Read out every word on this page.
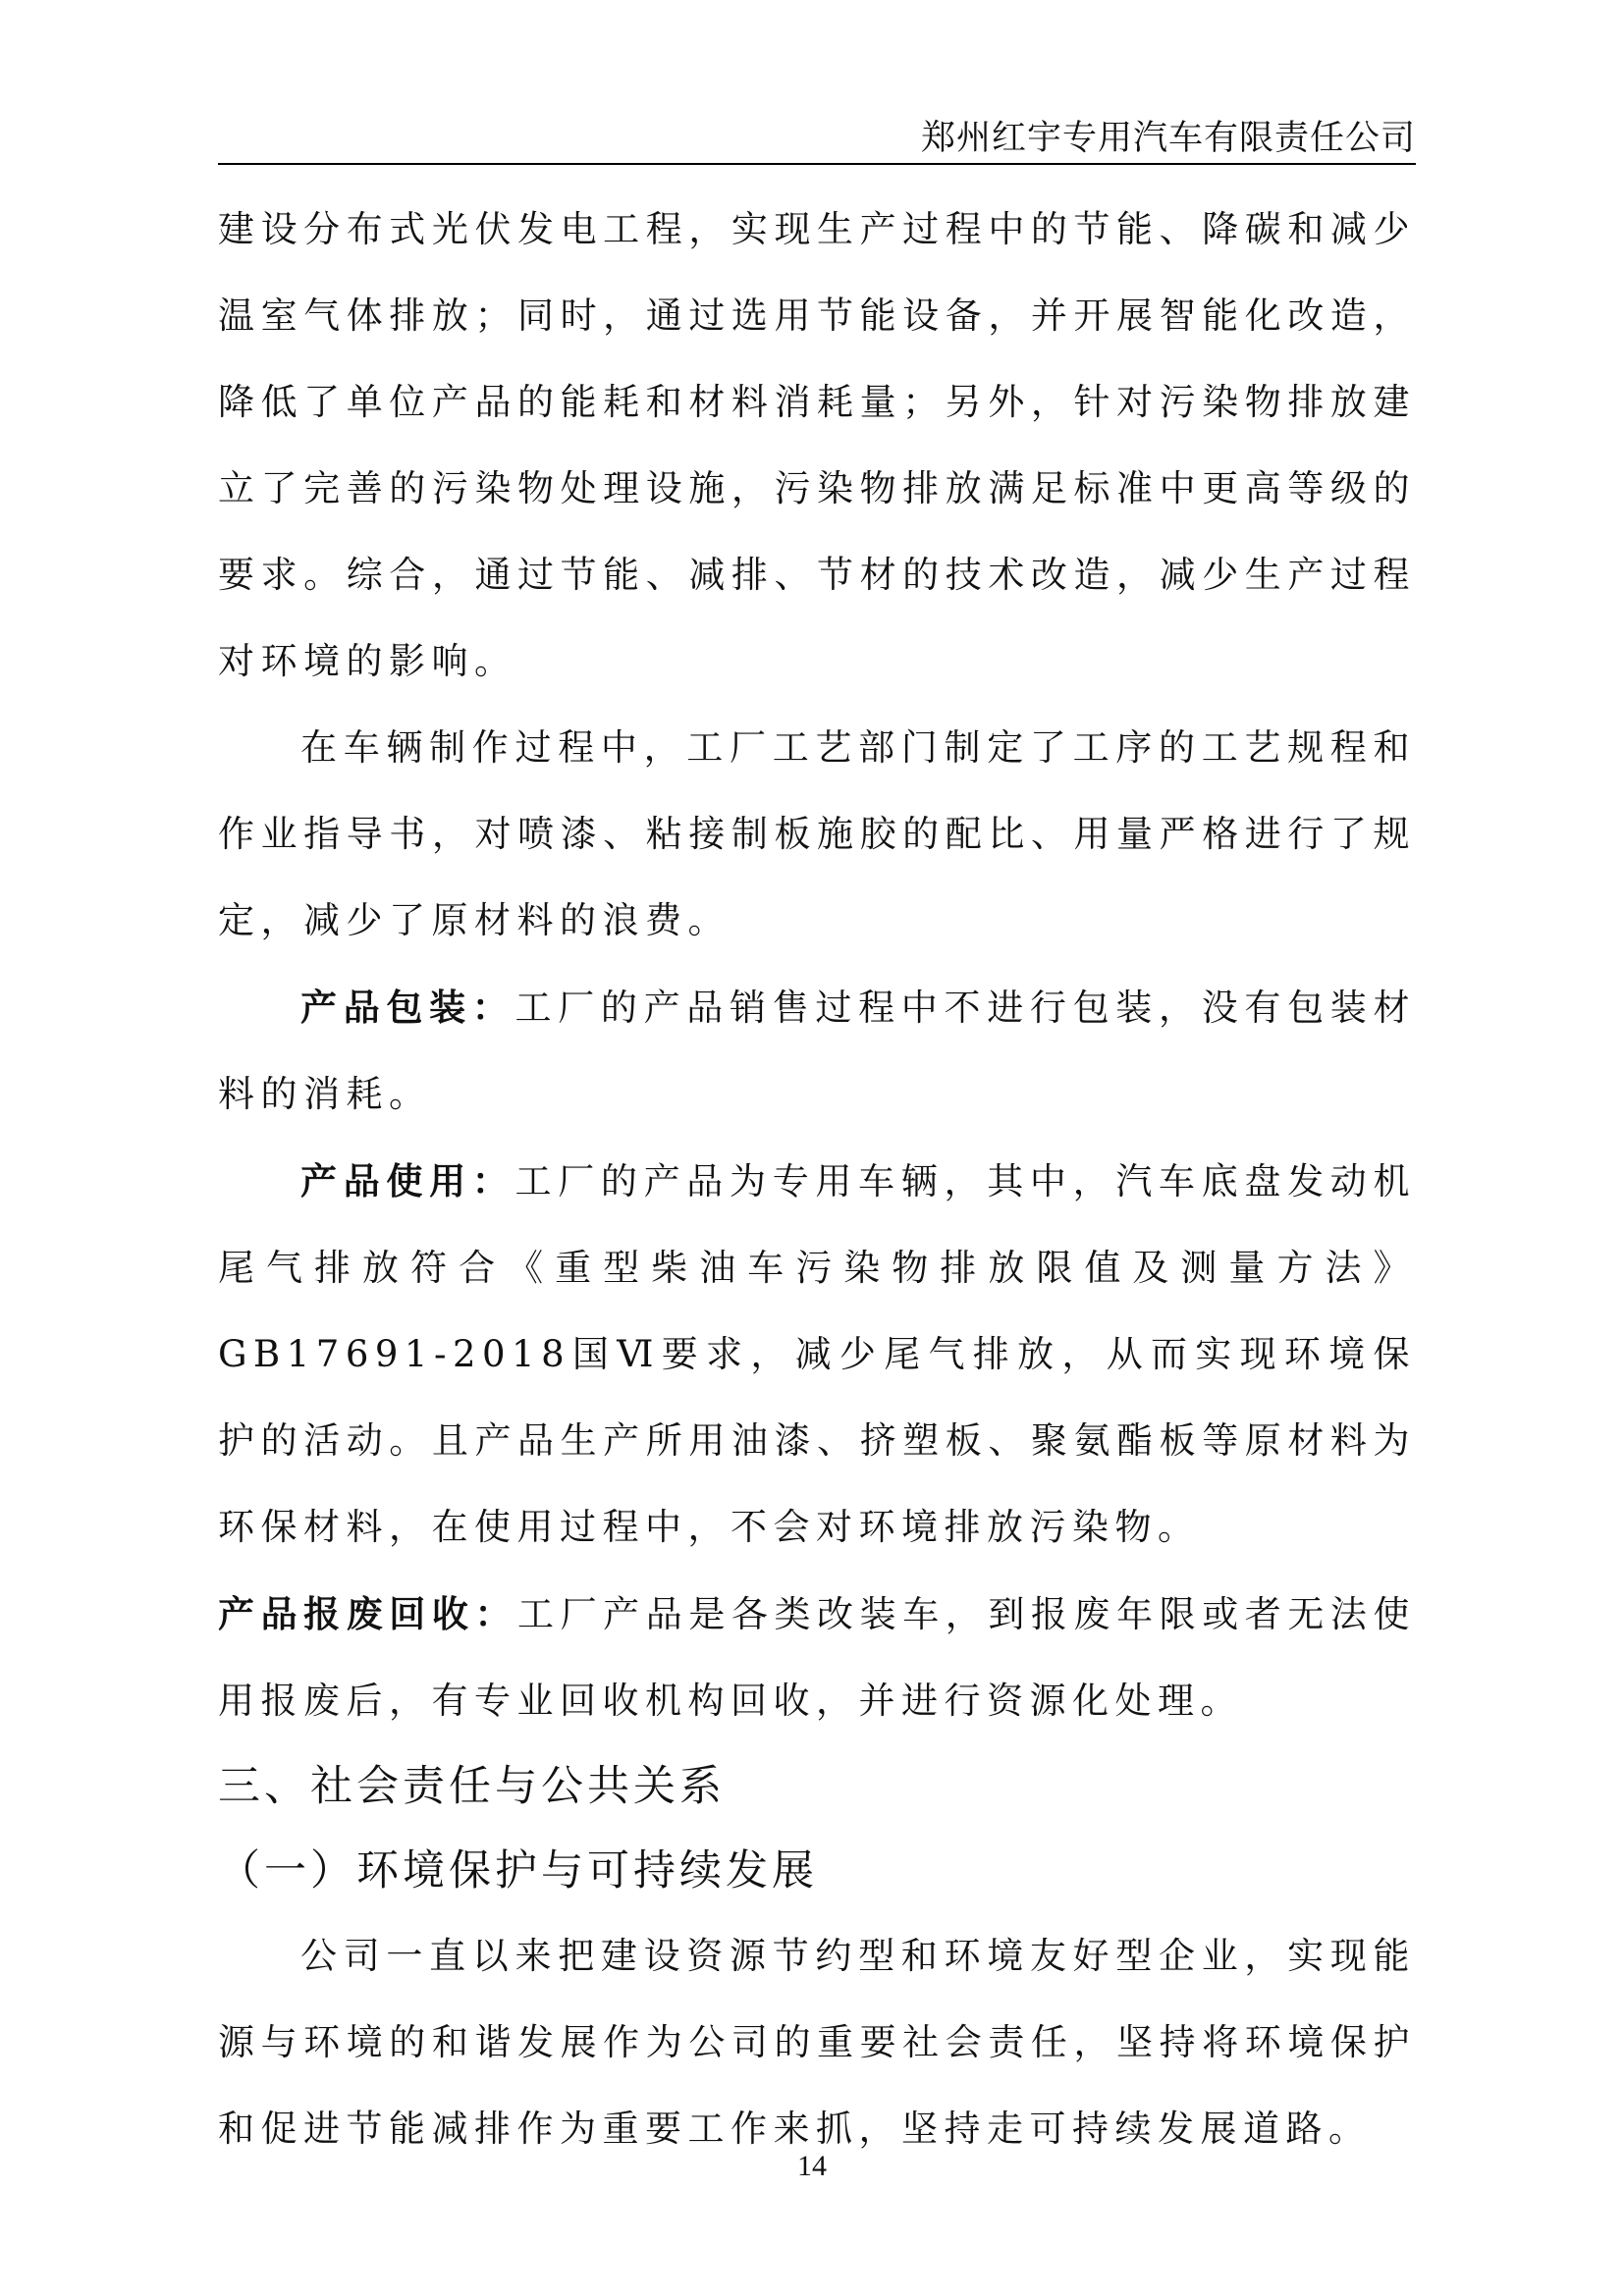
郑州红宇专用汽车有限责任公司

建设分布式光伏发电工程，实现生产过程中的节能、降碳和减少温室气体排放；同时，通过选用节能设备，并开展智能化改造，降低了单位产品的能耗和材料消耗量；另外，针对污染物排放建立了完善的污染物处理设施，污染物排放满足标准中更高等级的要求。综合，通过节能、减排、节材的技术改造，减少生产过程对环境的影响。

在车辆制作过程中，工厂工艺部门制定了工序的工艺规程和作业指导书，对喷漆、粘接制板施胶的配比、用量严格进行了规定，减少了原材料的浪费。

产品包装：工厂的产品销售过程中不进行包装，没有包装材料的消耗。

产品使用：工厂的产品为专用车辆，其中，汽车底盘发动机尾气排放符合《重型柴油车污染物排放限值及测量方法》GB17691-2018国Ⅵ要求，减少尾气排放，从而实现环境保护的活动。且产品生产所用油漆、挤塑板、聚氨酯板等原材料为环保材料，在使用过程中，不会对环境排放污染物。

产品报废回收：工厂产品是各类改装车，到报废年限或者无法使用报废后，有专业回收机构回收，并进行资源化处理。

三、社会责任与公共关系
（一）环境保护与可持续发展

公司一直以来把建设资源节约型和环境友好型企业，实现能源与环境的和谐发展作为公司的重要社会责任，坚持将环境保护和促进节能减排作为重要工作来抓，坚持走可持续发展道路。

14
